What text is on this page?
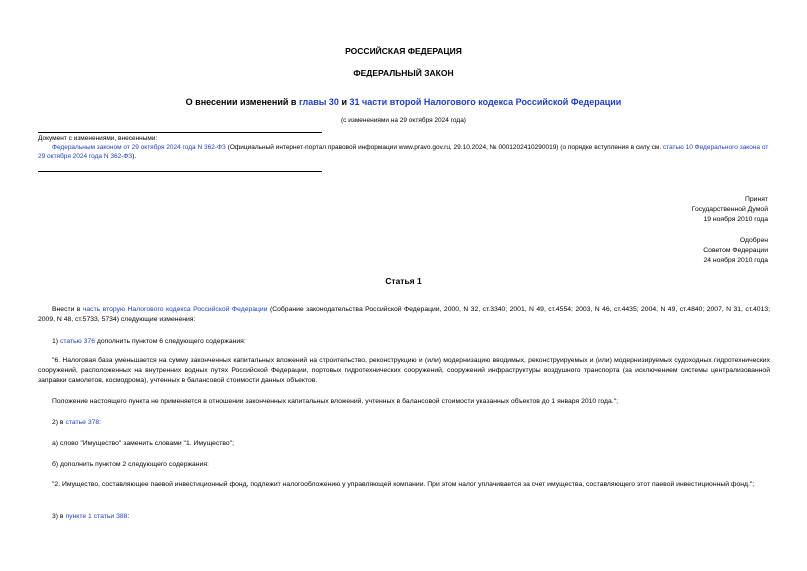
РОССИЙСКАЯ ФЕДЕРАЦИЯ
ФЕДЕРАЛЬНЫЙ ЗАКОН
О внесении изменений в главы 30 и 31 части второй Налогового кодекса Российской Федерации
(с изменениями на 29 октября 2024 года)
Документ с изменениями, внесенными:
Федеральным законом от 29 октября 2024 года N 362-ФЗ (Официальный интернет-портал правовой информации www.pravo.gov.ru, 29.10.2024, № 0001202410290019) (о порядке вступления в силу см. статью 10 Федерального закона от 29 октября 2024 года N 362-ФЗ).
Принят
Государственной Думой
19 ноября 2010 года
Одобрен
Советом Федерации
24 ноября 2010 года
Статья 1
Внести в часть вторую Налогового кодекса Российской Федерации (Собрание законодательства Российской Федерации, 2000, N 32, ст.3340; 2001, N 49, ст.4554; 2003, N 46, ст.4435; 2004, N 49, ст.4840; 2007, N 31, ст.4013; 2009, N 48, ст.5733, 5734) следующие изменения:
1) статью 376 дополнить пунктом 6 следующего содержания:
"6. Налоговая база уменьшается на сумму законченных капитальных вложений на строительство, реконструкцию и (или) модернизацию вводимых, реконструируемых и (или) модернизируемых судоходных гидротехнических сооружений, расположенных на внутренних водных путях Российской Федерации, портовых гидротехнических сооружений, сооружений инфраструктуры воздушного транспорта (за исключением системы централизованной заправки самолетов, космодрома), учтенных в балансовой стоимости данных объектов.
Положение настоящего пункта не применяется в отношении законченных капитальных вложений, учтенных в балансовой стоимости указанных объектов до 1 января 2010 года.";
2) в статье 378:
а) слово "Имущество" заменить словами "1. Имущество";
б) дополнить пунктом 2 следующего содержания:
"2. Имущество, составляющее паевой инвестиционный фонд, подлежит налогообложению у управляющей компании. При этом налог уплачивается за счет имущества, составляющего этот паевой инвестиционный фонд.";
3) в пункте 1 статьи 388:
